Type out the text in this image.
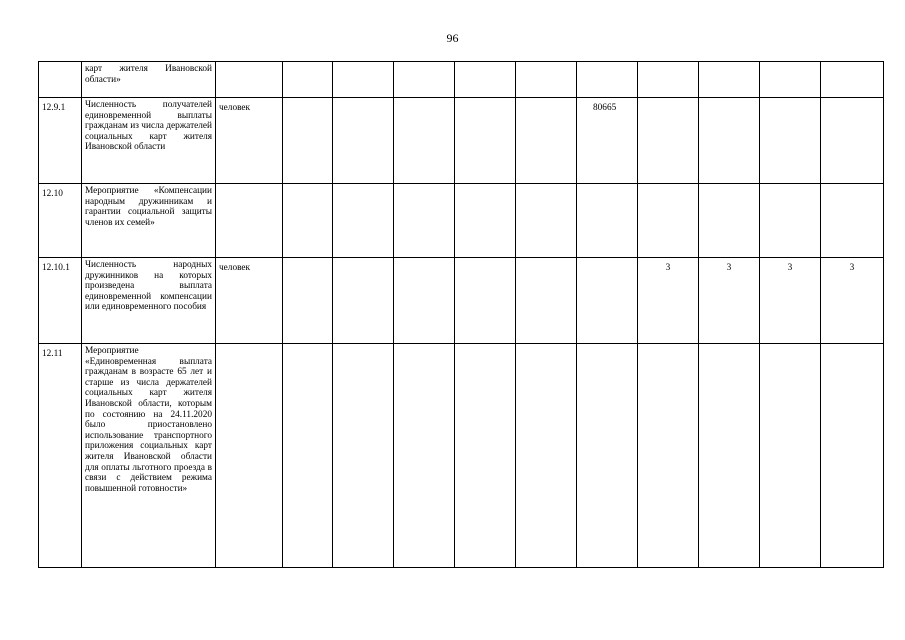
96
	карт жителя Ивановской области»											
12.9.1	Численность получателей единовременной выплаты гражданам из числа держателей социальных карт жителя Ивановской области	человек						80665				
12.10	Мероприятие «Компенсации народным дружинникам и гарантии социальной защиты членов их семей»											
12.10.1	Численность народных дружинников на которых произведена выплата единовременной компенсации или единовременного пособия	человек							3	3	3	3
12.11	Мероприятие «Единовременная выплата гражданам в возрасте 65 лет и старше из числа держателей социальных карт жителя Ивановской области, которым по состоянию на 24.11.2020 было приостановлено использование транспортного приложения социальных карт жителя Ивановской области для оплаты льготного проезда в связи с действием режима повышенной готовности»											
